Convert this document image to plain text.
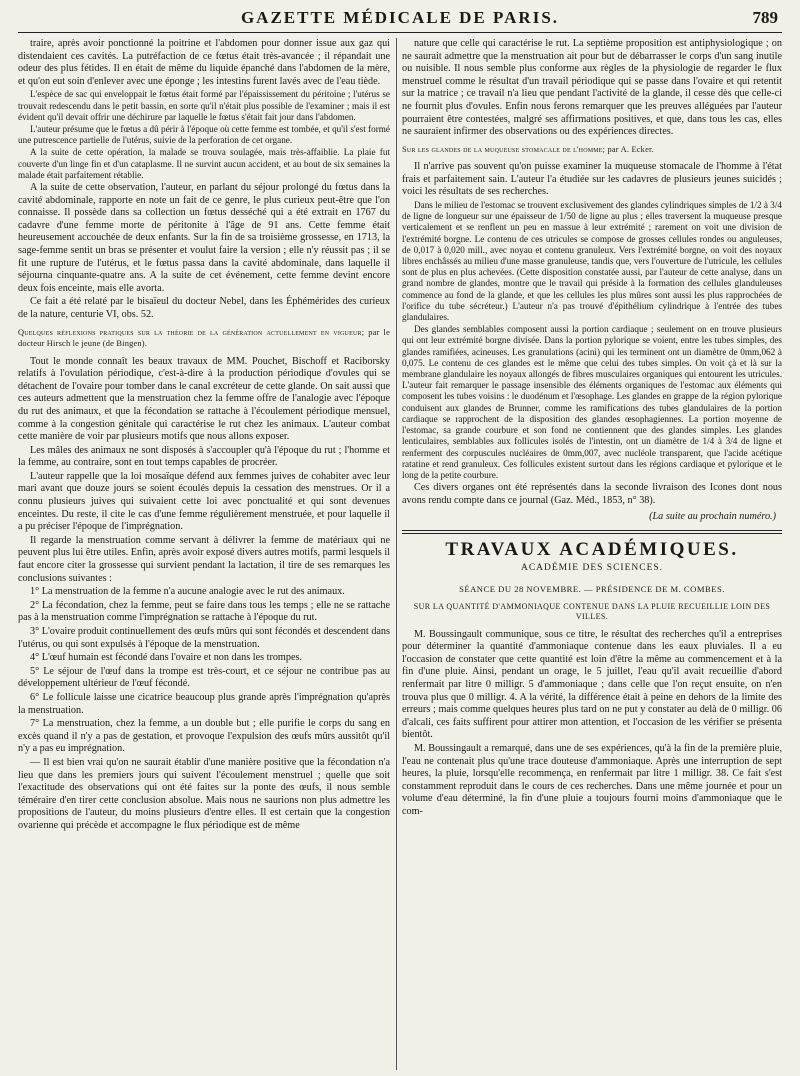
GAZETTE MÉDICALE DE PARIS.	789

traire, après avoir ponctionné la poitrine et l'abdomen pour donner issue aux gaz qui distendaient ces cavités. La putréfaction de ce fœtus était très-avancée ; il répandait une odeur des plus fétides. Il en était de même du liquide épanché dans l'abdomen de la mère, et qu'on eut soin d'enlever avec une éponge ; les intestins furent lavés avec de l'eau tiède.

L'espèce de sac qui enveloppait le fœtus était formé par l'épaississement du péritoine ; l'utérus se trouvait redescendu dans le petit bassin, en sorte qu'il n'était plus possible de l'examiner ; mais il est évident qu'il devait offrir une déchirure par laquelle le fœtus s'était fait jour dans l'abdomen.

L'auteur présume que le fœtus a dû périr à l'époque où cette femme est tombée, et qu'il s'est formé une putrescence partielle de l'utérus, suivie de la perforation de cet organe.

A la suite de cette opération, la malade se trouva soulagée, mais très-affaiblie. La plaie fut couverte d'un linge fin et d'un cataplasme. Il ne survint aucun accident, et au bout de six semaines la malade était parfaitement rétablie.

A la suite de cette observation, l'auteur, en parlant du séjour prolongé du fœtus dans la cavité abdominale, rapporte en note un fait de ce genre, le plus curieux peut-être que l'on connaisse. Il possède dans sa collection un fœtus desséché qui a été extrait en 1767 du cadavre d'une femme morte de péritonite à l'âge de 91 ans. Cette femme était heureusement accouchée de deux enfants. Sur la fin de sa troisième grossesse, en 1713, la sage-femme sentit un bras se présenter et voulut faire la version ; elle n'y réussit pas ; il se fit une rupture de l'utérus, et le fœtus passa dans la cavité abdominale, dans laquelle il séjourna cinquante-quatre ans. A la suite de cet événement, cette femme devint encore deux fois enceinte, mais elle avorta.

Ce fait a été relaté par le bisaïeul du docteur Nebel, dans les Éphémérides des curieux de la nature, centurie VI, obs. 52.

Quelques réflexions pratiques sur la théorie de la génération actuellement en vigueur; par le docteur Hirsch le jeune (de Bingen).

Tout le monde connaît les beaux travaux de MM. Pouchet, Bischoff et Raciborsky relatifs à l'ovulation périodique, c'est-à-dire à la production périodique d'ovules qui se détachent de l'ovaire pour tomber dans le canal excréteur de cette glande. On sait aussi que ces auteurs admettent que la menstruation chez la femme offre de l'analogie avec l'époque du rut des animaux, et que la fécondation se rattache à l'écoulement périodique mensuel, comme à la congestion génitale qui caractérise le rut chez les animaux. L'auteur combat cette manière de voir par plusieurs motifs que nous allons exposer.

Les mâles des animaux ne sont disposés à s'accoupler qu'à l'époque du rut ; l'homme et la femme, au contraire, sont en tout temps capables de procréer.

L'auteur rappelle que la loi mosaïque défend aux femmes juives de cohabiter avec leur mari avant que douze jours se soient écoulés depuis la cessation des menstrues. Or il a connu plusieurs juives qui suivaient cette loi avec ponctualité et qui sont devenues enceintes. Du reste, il cite le cas d'une femme régulièrement menstruée, et pour laquelle il a pu préciser l'époque de l'imprégnation.

Il regarde la menstruation comme servant à délivrer la femme de matériaux qui ne peuvent plus lui être utiles. Enfin, après avoir exposé divers autres motifs, parmi lesquels il faut encore citer la grossesse qui survient pendant la lactation, il tire de ses remarques les conclusions suivantes :

1° La menstruation de la femme n'a aucune analogie avec le rut des animaux.

2° La fécondation, chez la femme, peut se faire dans tous les temps ; elle ne se rattache pas à la menstruation comme l'imprégnation se rattache à l'époque du rut.

3° L'ovaire produit continuellement des œufs mûrs qui sont fécondés et descendent dans l'utérus, ou qui sont expulsés à l'époque de la menstruation.

4° L'œuf humain est fécondé dans l'ovaire et non dans les trompes.

5° Le séjour de l'œuf dans la trompe est très-court, et ce séjour ne contribue pas au développement ultérieur de l'œuf fécondé.

6° Le follicule laisse une cicatrice beaucoup plus grande après l'imprégnation qu'après la menstruation.

7° La menstruation, chez la femme, a un double but ; elle purifie le corps du sang en excès quand il n'y a pas de gestation, et provoque l'expulsion des œufs mûrs aussitôt qu'il n'y a pas eu imprégnation.

— Il est bien vrai qu'on ne saurait établir d'une manière positive que la fécondation n'a lieu que dans les premiers jours qui suivent l'écoulement menstruel ; quelle que soit l'exactitude des observations qui ont été faites sur la ponte des œufs, il nous semble téméraire d'en tirer cette conclusion absolue. Mais nous ne saurions non plus admettre les propositions de l'auteur, du moins plusieurs d'entre elles. Il est certain que la congestion ovarienne qui précède et accompagne le flux périodique est de même

nature que celle qui caractérise le rut. La septième proposition est antiphysiologique ; on ne saurait admettre que la menstruation ait pour but de débarrasser le corps d'un sang inutile ou nuisible. Il nous semble plus conforme aux règles de la physiologie de regarder le flux menstruel comme le résultat d'un travail périodique qui se passe dans l'ovaire et qui retentit sur la matrice ; ce travail n'a lieu que pendant l'activité de la glande, il cesse dès que celle-ci ne fournit plus d'ovules. Enfin nous ferons remarquer que les preuves alléguées par l'auteur pourraient être contestées, malgré ses affirmations positives, et que, dans tous les cas, elles ne sauraient infirmer des observations ou des expériences directes.

Sur les glandes de la muqueuse stomacale de l'homme; par A. Ecker.

Il n'arrive pas souvent qu'on puisse examiner la muqueuse stomacale de l'homme à l'état frais et parfaitement sain. L'auteur l'a étudiée sur les cadavres de plusieurs jeunes suicidés ; voici les résultats de ses recherches.

Dans le milieu de l'estomac se trouvent exclusivement des glandes cylindriques simples de 1/2 à 3/4 de ligne de longueur sur une épaisseur de 1/50 de ligne au plus ; elles traversent la muqueuse presque verticalement et se renflent un peu en massue à leur extrémité ; rarement on voit une division de l'extrémité borgne. Le contenu de ces utricules se compose de grosses cellules rondes ou anguleuses, de 0,017 à 0,020 mill., avec noyau et contenu granuleux. Vers l'extrémité borgne, on voit des noyaux libres enchâssés au milieu d'une masse granuleuse, tandis que, vers l'ouverture de l'utricule, les cellules sont de plus en plus achevées. (Cette disposition constatée aussi, par l'auteur de cette analyse, dans un grand nombre de glandes, montre que le travail qui préside à la formation des cellules glanduleuses commence au fond de la glande, et que les cellules les plus mûres sont aussi les plus rapprochées de l'orifice du tube sécréteur.) L'auteur n'a pas trouvé d'épithélium cylindrique à l'entrée des tubes glandulaires.

Des glandes semblables composent aussi la portion cardiaque ; seulement on en trouve plusieurs qui ont leur extrémité borgne divisée. Dans la portion pylorique se voient, entre les tubes simples, des glandes ramifiées, acineuses. Les granulations (acini) qui les terminent ont un diamètre de 0mm,062 à 0,075. Le contenu de ces glandes est le même que celui des tubes simples. On voit çà et là sur la membrane glandulaire les noyaux allongés de fibres musculaires organiques qui entourent les utricules. L'auteur fait remarquer le passage insensible des éléments organiques de l'estomac aux éléments qui composent les tubes voisins : le duodénum et l'œsophage. Les glandes en grappe de la région pylorique conduisent aux glandes de Brunner, comme les ramifications des tubes glandulaires de la portion cardiaque se rapprochent de la disposition des glandes œsophagiennes. La portion moyenne de l'estomac, sa grande courbure et son fond ne contiennent que des glandes simples. Les glandes lenticulaires, semblables aux follicules isolés de l'intestin, ont un diamètre de 1/4 à 3/4 de ligne et renferment des corpuscules nucléaires de 0mm,007, avec nucléole transparent, que l'acide acétique ratatine et rend granuleux. Ces follicules existent surtout dans les régions cardiaque et pylorique et le long de la petite courbure.

Ces divers organes ont été représentés dans la seconde livraison des Icones dont nous avons rendu compte dans ce journal (Gaz. Méd., 1853, n° 38).

(La suite au prochain numéro.)
TRAVAUX ACADÉMIQUES.
ACADÉMIE DES SCIENCES.
SÉANCE DU 28 NOVEMBRE. — PRÉSIDENCE DE M. COMBES.
SUR LA QUANTITÉ D'AMMONIAQUE CONTENUE DANS LA PLUIE RECUEILLIE LOIN DES VILLES.

M. Boussingault communique, sous ce titre, le résultat des recherches qu'il a entreprises pour déterminer la quantité d'ammoniaque contenue dans les eaux pluviales. Il a eu l'occasion de constater que cette quantité est loin d'être la même au commencement et à la fin d'une pluie. Ainsi, pendant un orage, le 5 juillet, l'eau qu'il avait recueillie d'abord renfermait par litre 0 milligr. 5 d'ammoniaque ; dans celle que l'on reçut ensuite, on n'en trouva plus que 0 milligr. 4. A la vérité, la différence était à peine en dehors de la limite des erreurs ; mais comme quelques heures plus tard on ne put y constater au delà de 0 milligr. 06 d'alcali, ces faits suffirent pour attirer mon attention, et l'occasion de les vérifier se présenta bientôt.

M. Boussingault a remarqué, dans une de ses expériences, qu'à la fin de la première pluie, l'eau ne contenait plus qu'une trace douteuse d'ammoniaque. Après une interruption de sept heures, la pluie, lorsqu'elle recommença, en renfermait par litre 1 milligr. 38. Ce fait s'est constamment reproduit dans le cours de ces recherches. Dans une même journée et pour un volume d'eau déterminé, la fin d'une pluie a toujours fourni moins d'ammoniaque que le com-
